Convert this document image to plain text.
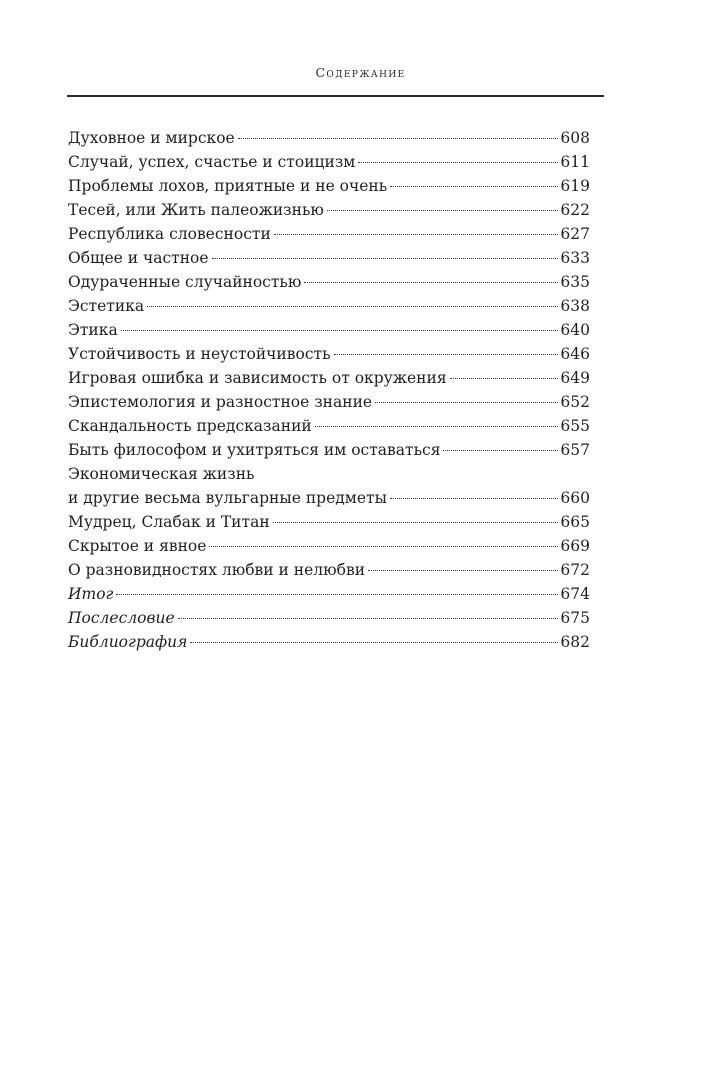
Содержание
Духовное и мирское	608
Случай, успех, счастье и стоицизм	611
Проблемы лохов, приятные и не очень	619
Тесей, или Жить палеожизнью	622
Республика словесности	627
Общее и частное	633
Одураченные случайностью	635
Эстетика	638
Этика	640
Устойчивость и неустойчивость	646
Игровая ошибка и зависимость от окружения	649
Эпистемология и разностное знание	652
Скандальность предсказаний	655
Быть философом и ухитряться им оставаться	657
Экономическая жизнь
и другие весьма вульгарные предметы	660
Мудрец, Слабак и Титан	665
Скрытое и явное	669
О разновидностях любви и нелюбви	672
Итог	674
Послесловие	675
Библиография	682
